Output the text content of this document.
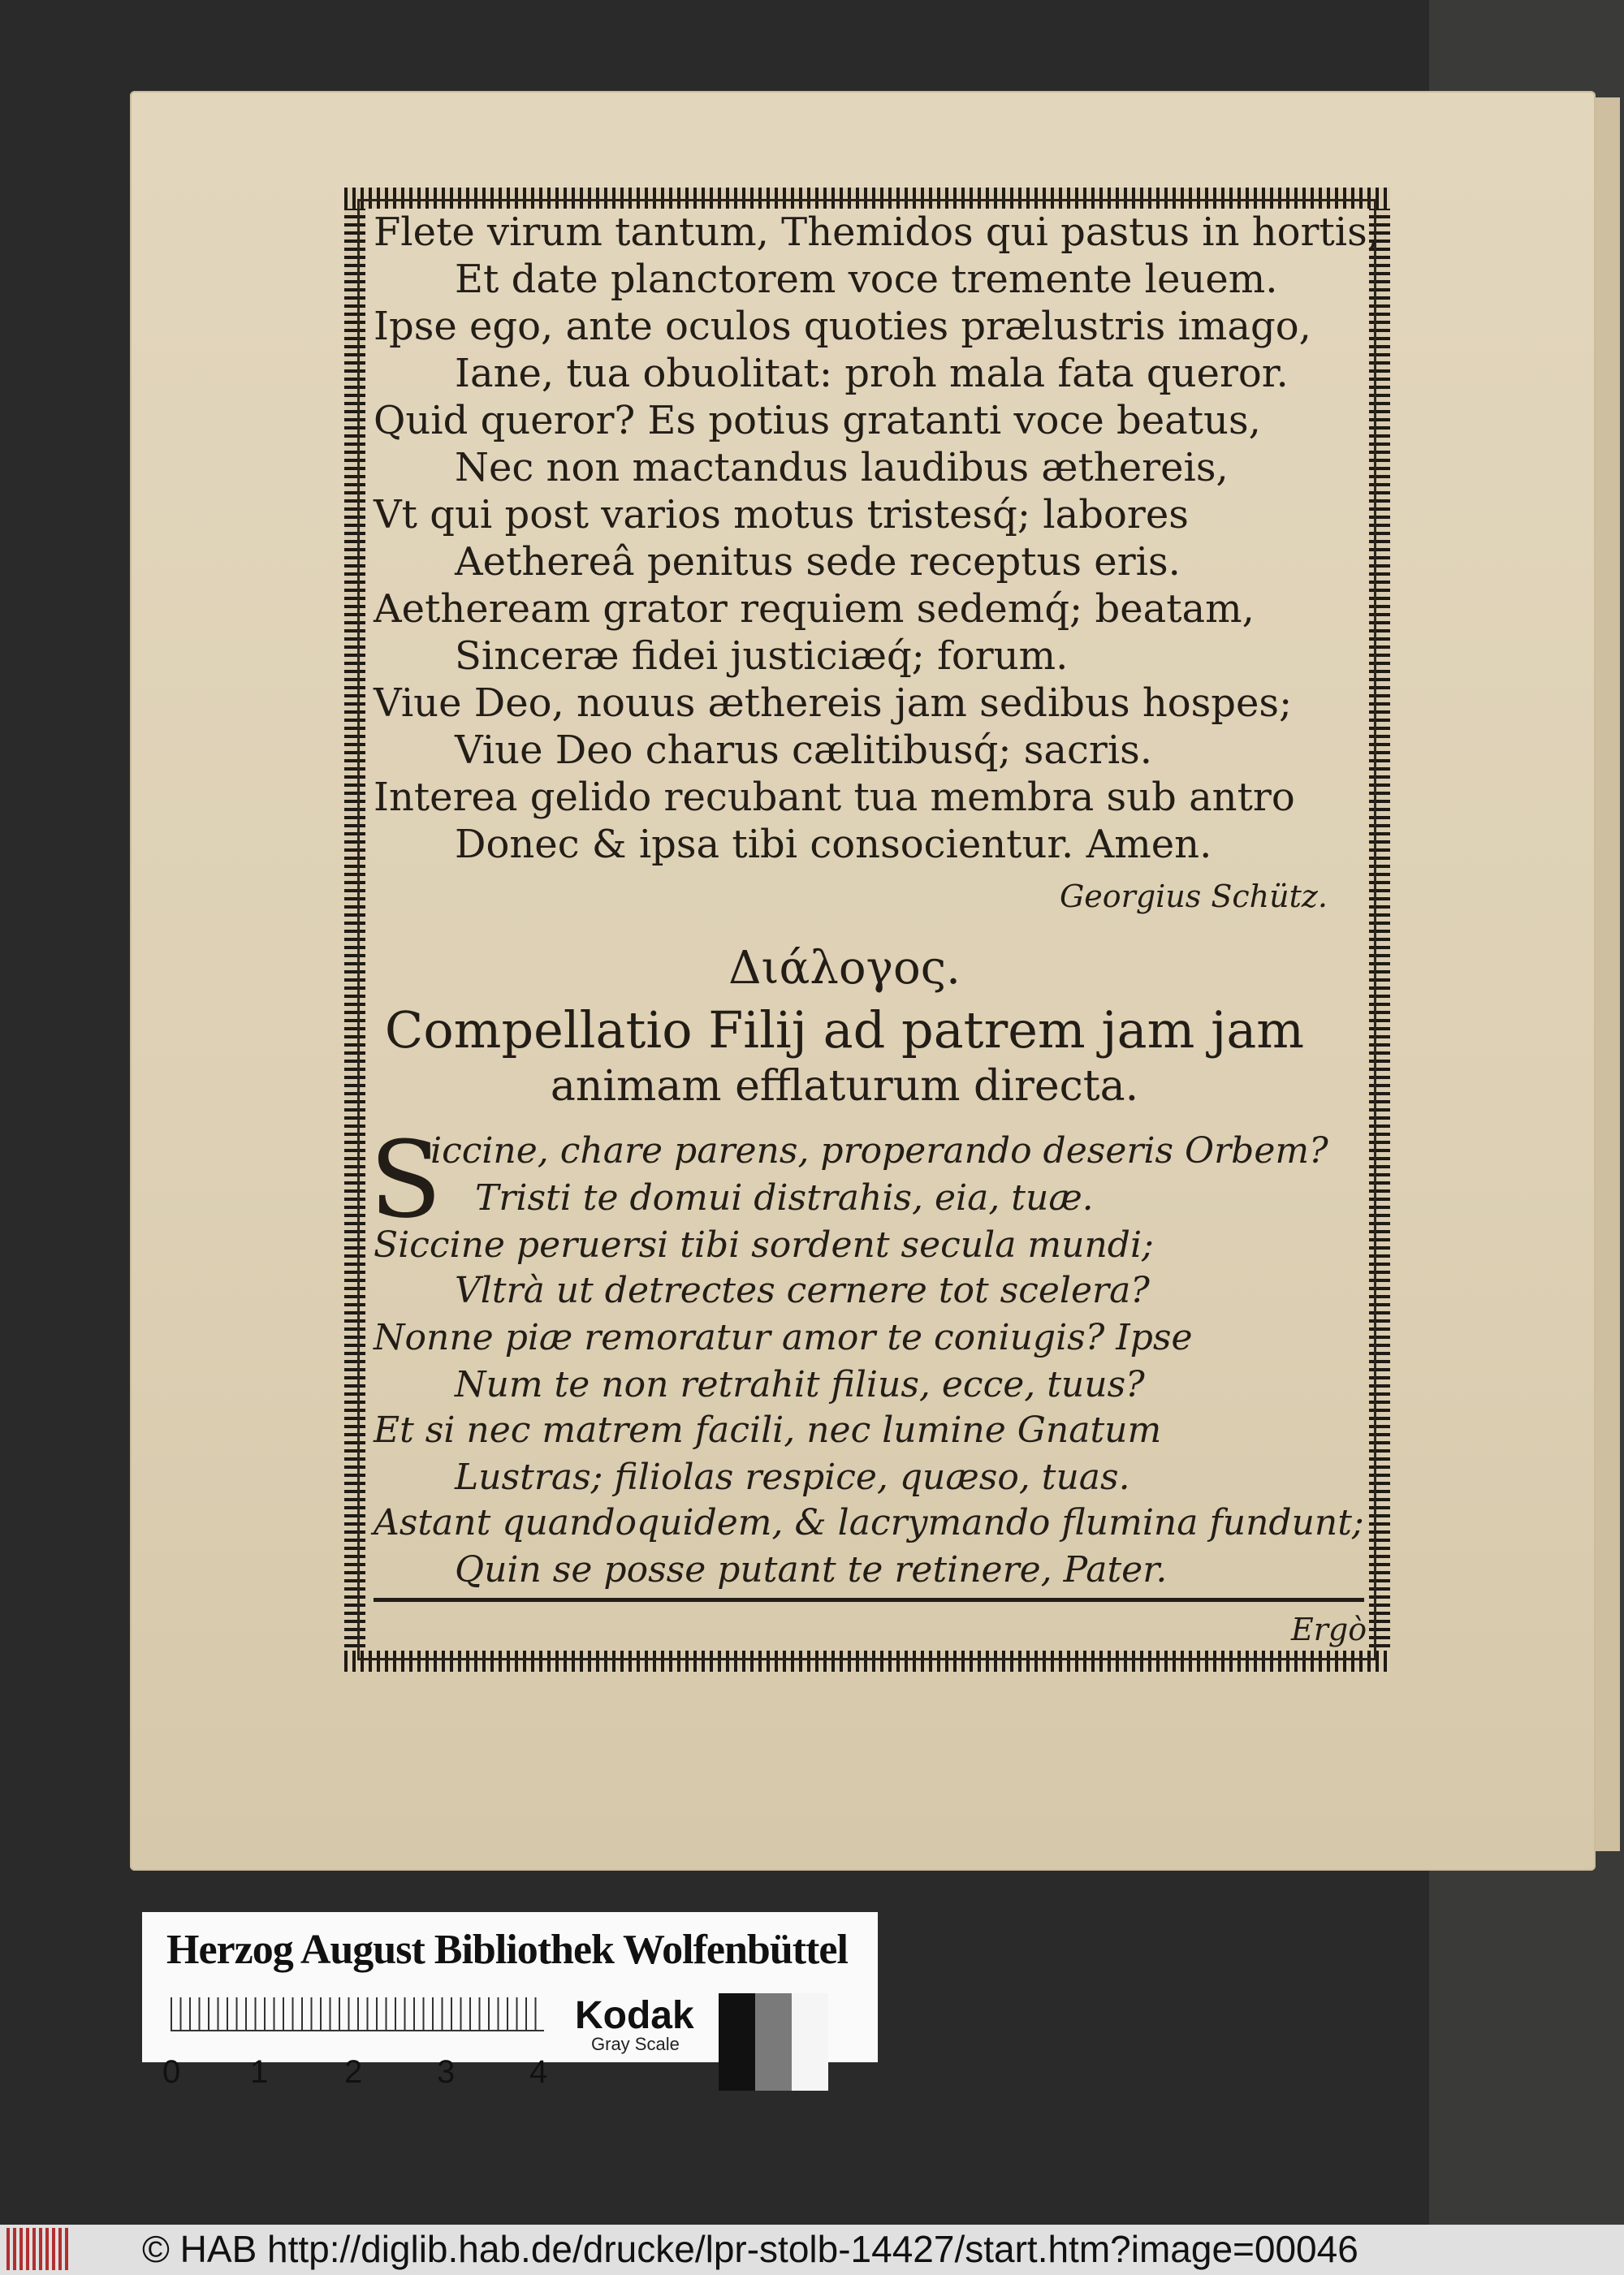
Flete virum tantum, Themidos qui pastus in hortis,
Et date planctorem voce tremente leuem.
Ipse ego, ante oculos quoties prælustris imago,
Iane, tua obuolitat: proh mala fata queror.
Quid queror? Es potius gratanti voce beatus,
Nec non mactandus laudibus æthereis,
Vt qui post varios motus tristesq́; labores
Aethereâ penitus sede receptus eris.
Aetheream grator requiem sedemq́; beatam,
Sinceræ fidei justiciæq́; forum.
Viue Deo, nouus æthereis jam sedibus hospes;
Viue Deo charus cælitibusq́; sacris.
Interea gelido recubant tua membra sub antro
Donec & ipsa tibi consocientur. Amen.
Georgius Schütz.
Διάλογος.
Compellatio Filij ad patrem jam jam
animam efflaturum directa.
S
iccine, chare parens, properando deseris Orbem?
Tristi te domui distrahis, eia, tuæ.
Siccine peruersi tibi sordent secula mundi;
Vltrà ut detrectes cernere tot scelera?
Nonne piæ remoratur amor te coniugis? Ipse
Num te non retrahit filius, ecce, tuus?
Et si nec matrem facili, nec lumine Gnatum
Lustras; filiolas respice, quæso, tuas.
Astant quandoquidem, & lacrymando flumina fundunt;
Quin se posse putant te retinere, Pater.
Ergò
Herzog August Bibliothek Wolfenbüttel
0 1 2 3 4
Kodak
Gray Scale
© HAB http://diglib.hab.de/drucke/lpr-stolb-14427/start.htm?image=00046
